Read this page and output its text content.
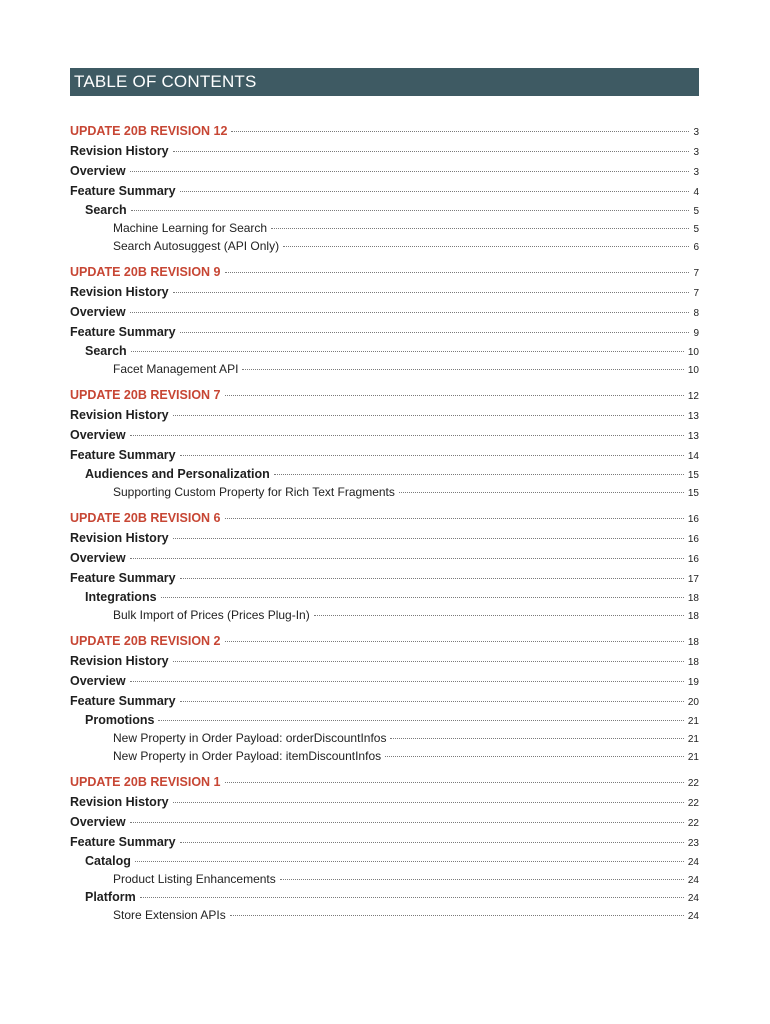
TABLE OF CONTENTS
UPDATE 20B REVISION 12	3
Revision History	3
Overview	3
Feature Summary	4
Search	5
Machine Learning for Search	5
Search Autosuggest (API Only)	6
UPDATE 20B REVISION 9	7
Revision History	7
Overview	8
Feature Summary	9
Search	10
Facet Management API	10
UPDATE 20B REVISION 7	12
Revision History	13
Overview	13
Feature Summary	14
Audiences and Personalization	15
Supporting Custom Property for Rich Text Fragments	15
UPDATE 20B REVISION 6	16
Revision History	16
Overview	16
Feature Summary	17
Integrations	18
Bulk Import of Prices (Prices Plug-In)	18
UPDATE 20B REVISION 2	18
Revision History	18
Overview	19
Feature Summary	20
Promotions	21
New Property in Order Payload: orderDiscountInfos	21
New Property in Order Payload: itemDiscountInfos	21
UPDATE 20B REVISION 1	22
Revision History	22
Overview	22
Feature Summary	23
Catalog	24
Product Listing Enhancements	24
Platform	24
Store Extension APIs	24
